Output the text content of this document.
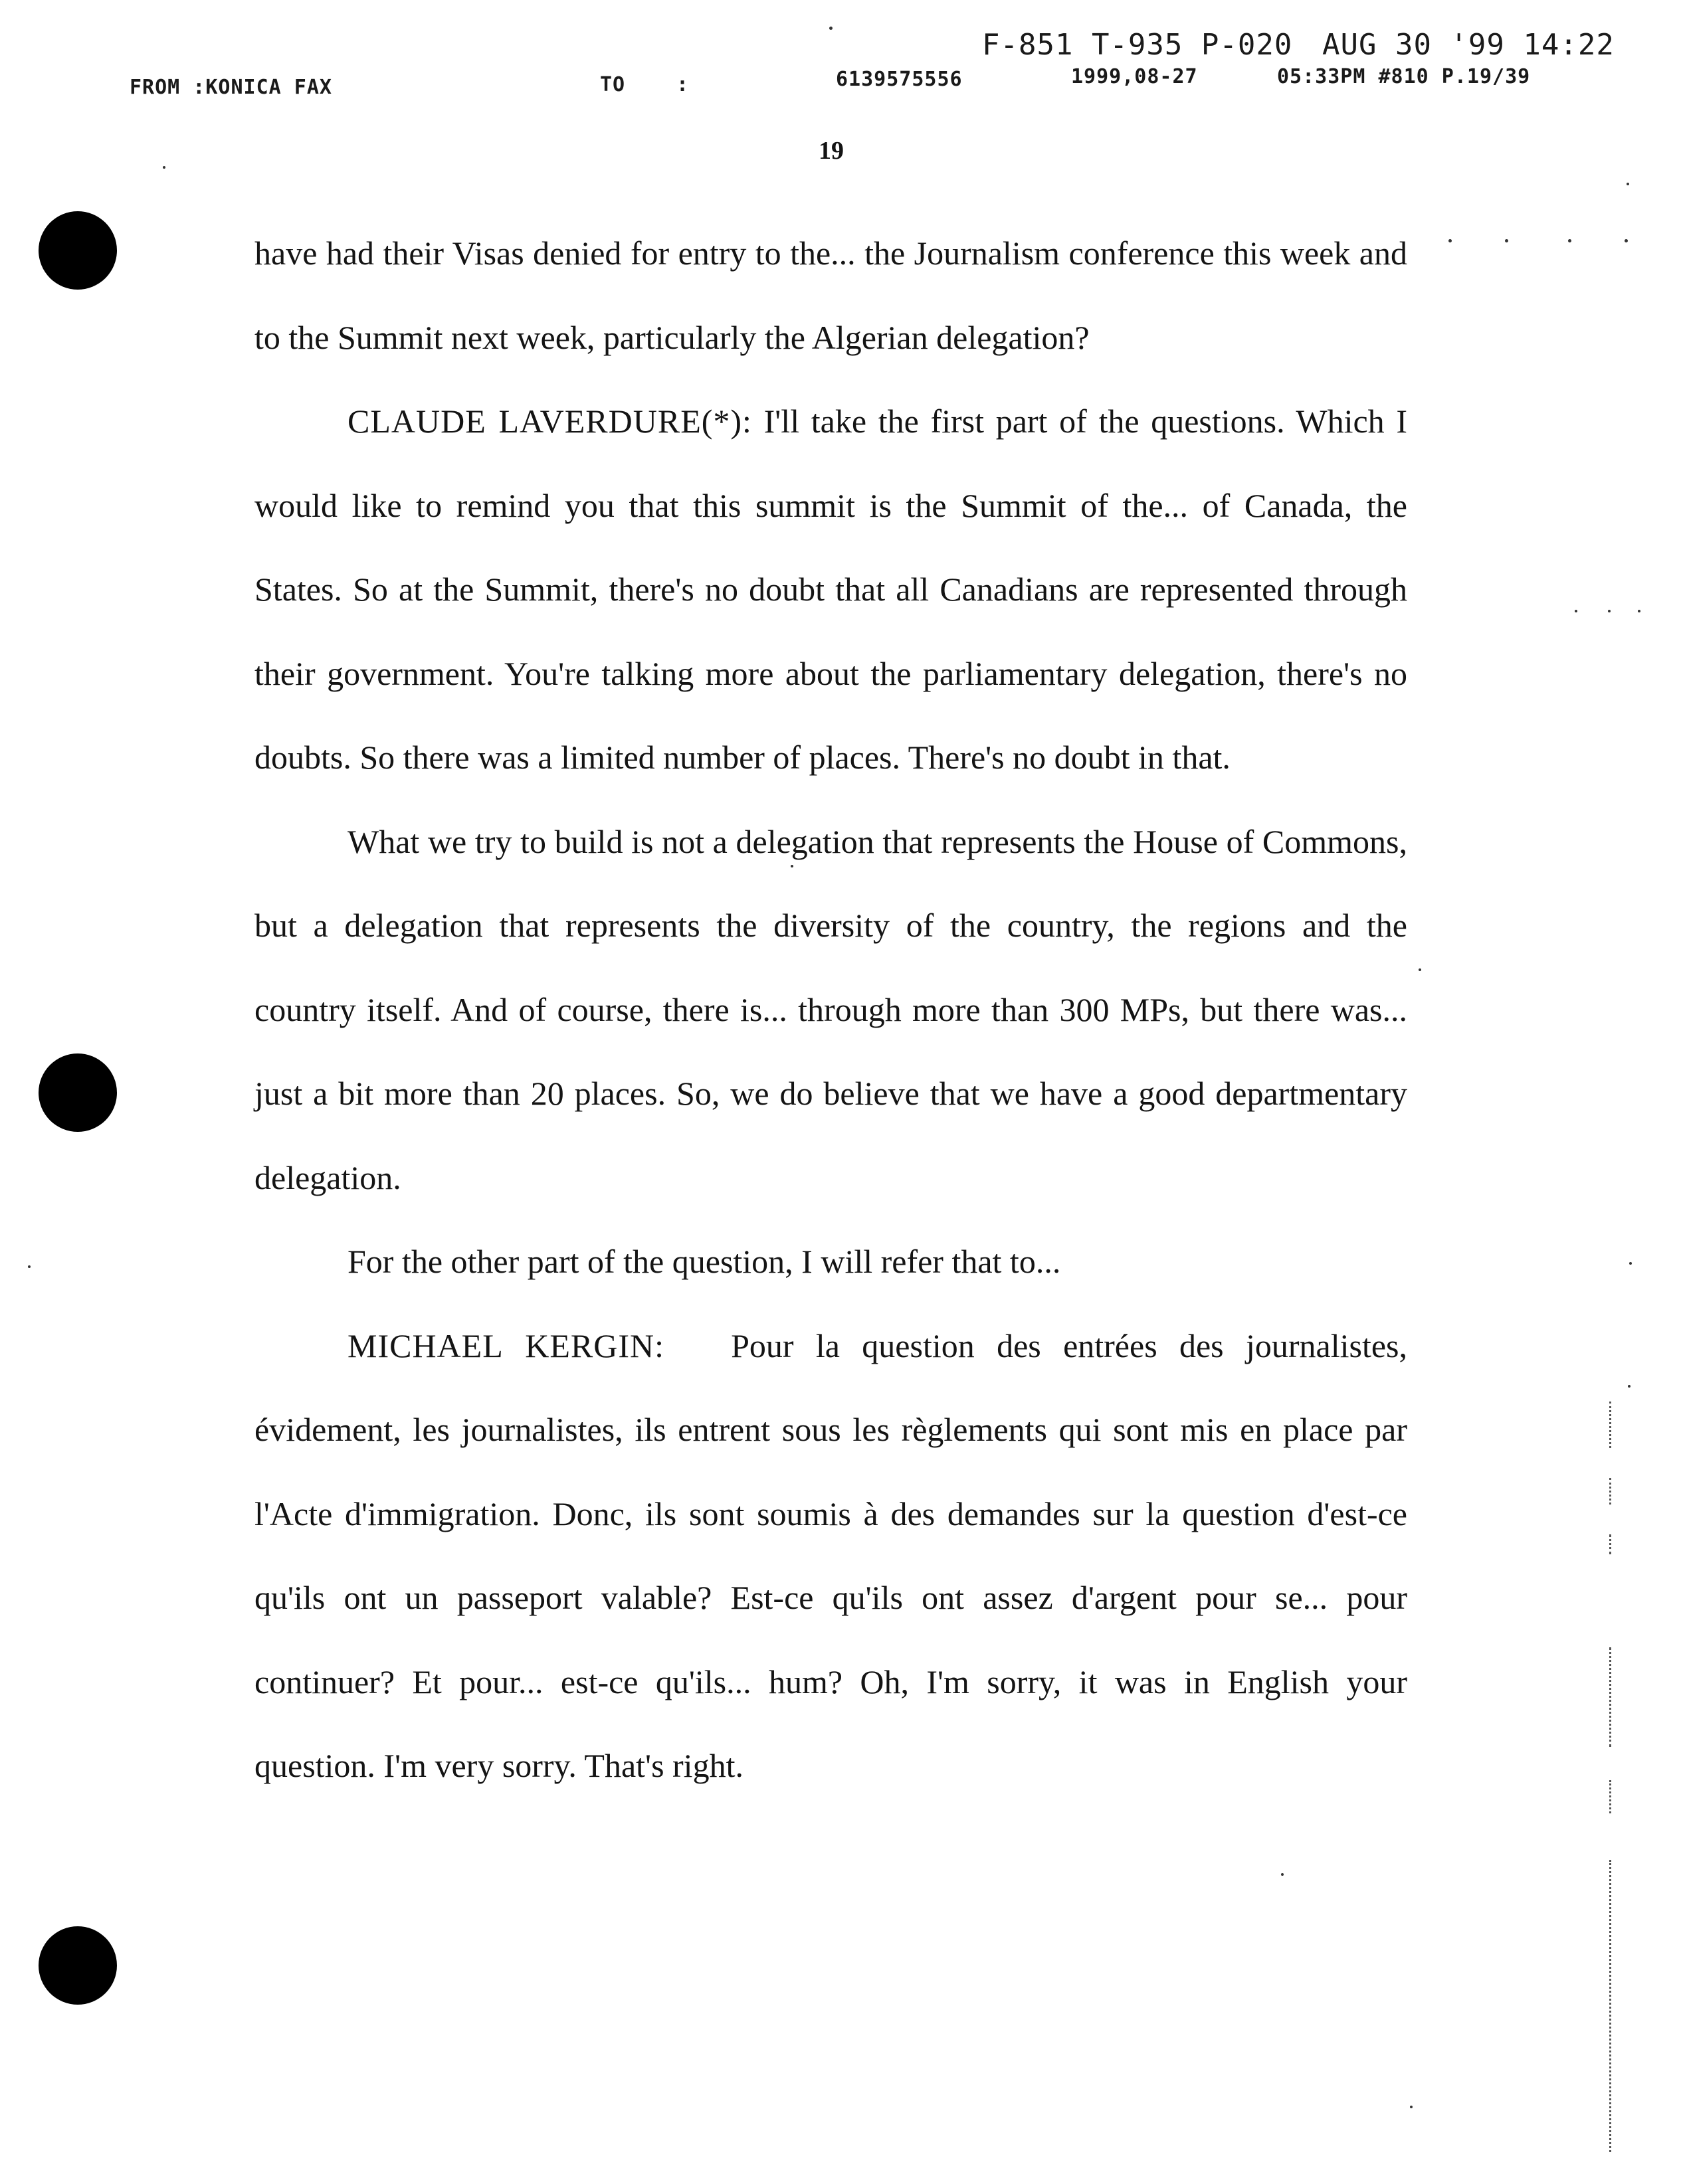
F-851 T-935 P-020 AUG 30 '99 14:22
FROM :KONICA FAX	TO	:	6139575556	1999,08-27	05:33PM #810 P.19/39
19

have had their Visas denied for entry to the... the Journalism conference this week and to the Summit next week, particularly the Algerian delegation?

CLAUDE LAVERDURE(*): I'll take the first part of the questions. Which I would like to remind you that this summit is the Summit of the... of Canada, the States. So at the Summit, there's no doubt that all Canadians are represented through their government. You're talking more about the parliamentary delegation, there's no doubts. So there was a limited number of places. There's no doubt in that.

What we try to build is not a delegation that represents the House of Commons, but a delegation that represents the diversity of the country, the regions and the country itself. And of course, there is... through more than 300 MPs, but there was... just a bit more than 20 places. So, we do believe that we have a good departmentary delegation.

For the other part of the question, I will refer that to...

MICHAEL KERGIN: Pour la question des entrées des journalistes, évidement, les journalistes, ils entrent sous les règlements qui sont mis en place par l'Acte d'immigration. Donc, ils sont soumis à des demandes sur la question d'est-ce qu'ils ont un passeport valable? Est-ce qu'ils ont assez d'argent pour se... pour continuer? Et pour... est-ce qu'ils... hum? Oh, I'm sorry, it was in English your question. I'm very sorry. That's right.
